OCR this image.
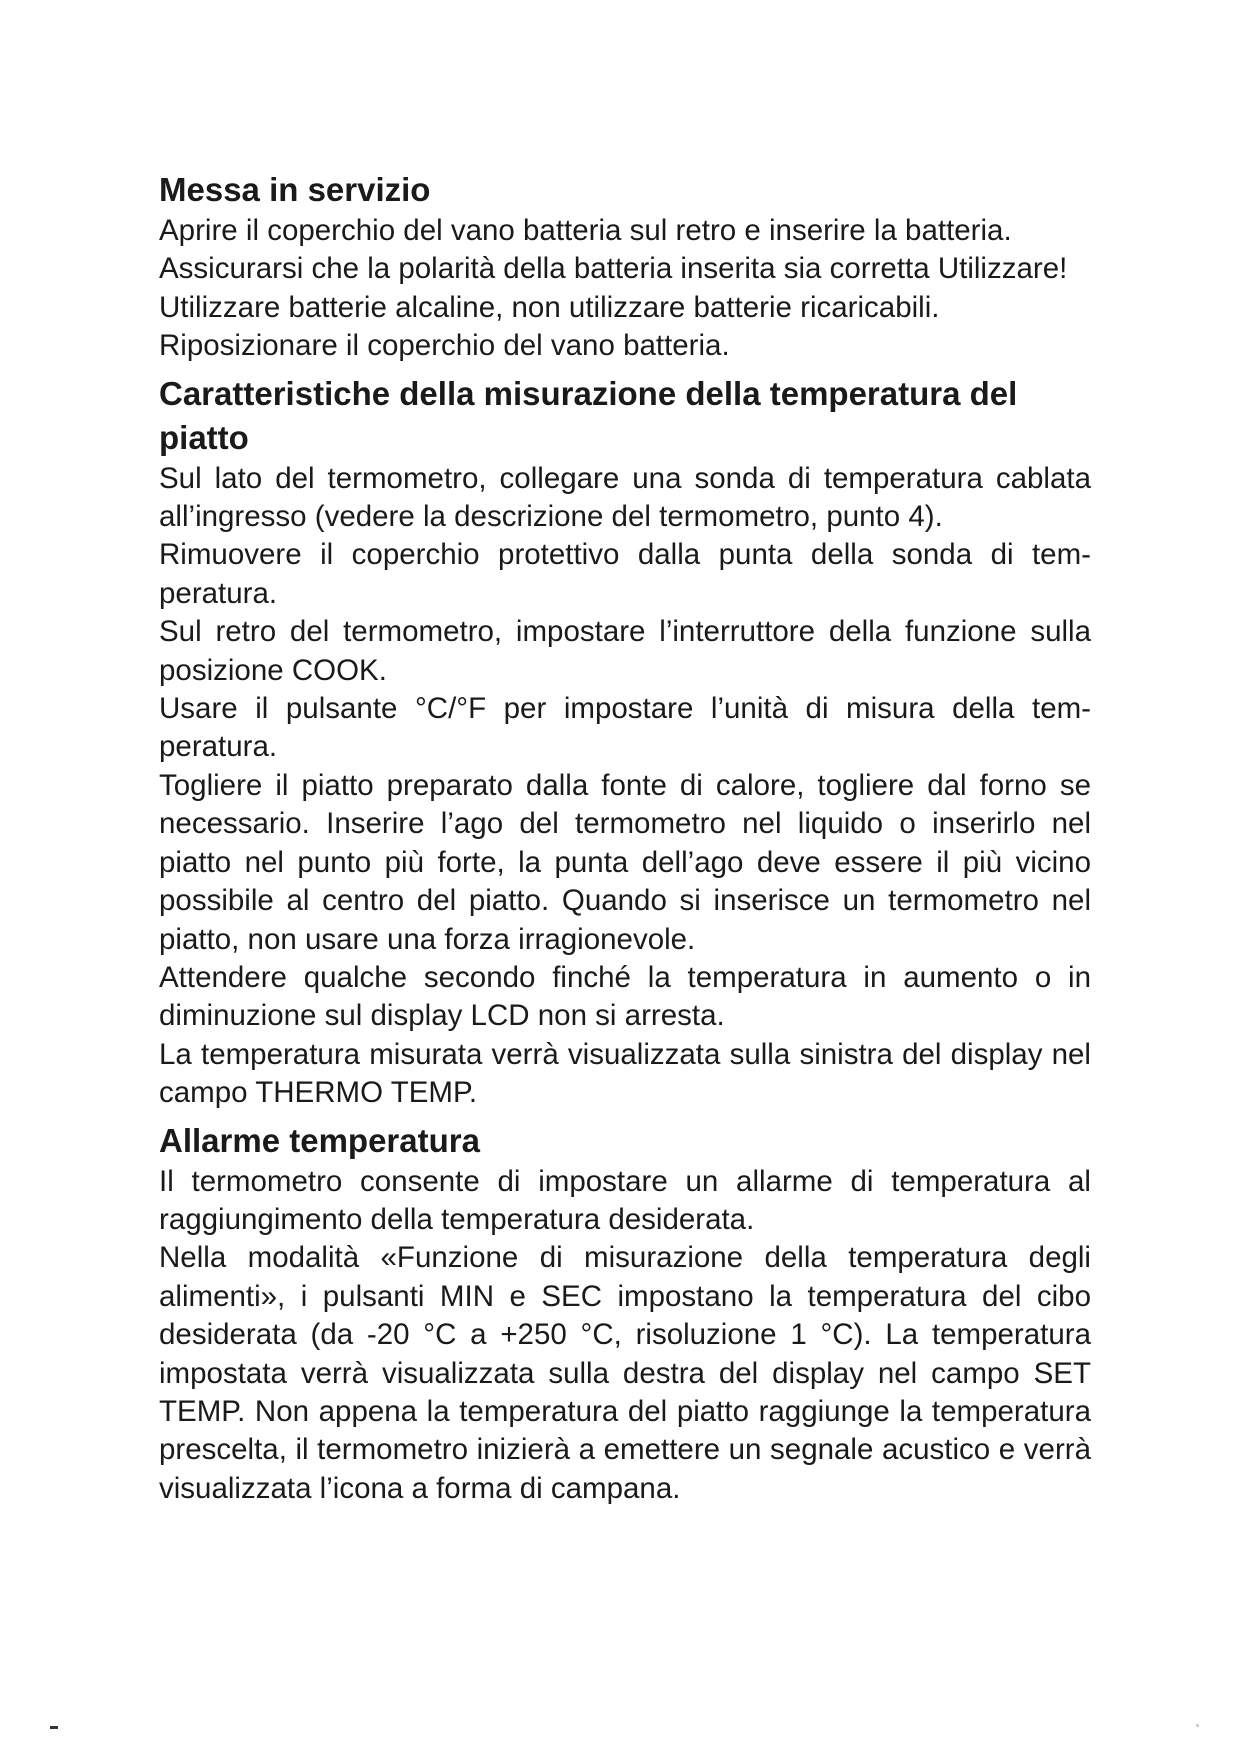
Messa in servizio

Aprire il coperchio del vano batteria sul retro e inserire la batteria.

Assicurarsi che la polarità della batteria inserita sia corretta Utilizzare!

Utilizzare batterie alcaline, non utilizzare batterie ricaricabili.

Riposizionare il coperchio del vano batteria.

Caratteristiche della misurazione della temperatura del piatto

Sul lato del termometro, collegare una sonda di temperatura cablata all’ingresso (vedere la descrizione del termometro, punto 4).

Rimuovere il coperchio protettivo dalla punta della sonda di tem- peratura.

Sul retro del termometro, impostare l’interruttore della funzione sulla posizione COOK.

Usare il pulsante °C/°F per impostare l’unità di misura della tem- peratura.

Togliere il piatto preparato dalla fonte di calore, togliere dal forno se necessario. Inserire l’ago del termometro nel liquido o inserirlo nel piatto nel punto più forte, la punta dell’ago deve essere il più vicino possibile al centro del piatto. Quando si inserisce un termometro nel piatto, non usare una forza irragionevole.

Attendere qualche secondo finché la temperatura in aumento o in diminuzione sul display LCD non si arresta.

La temperatura misurata verrà visualizzata sulla sinistra del display nel campo THERMO TEMP.

Allarme temperatura

Il termometro consente di impostare un allarme di temperatura al raggiungimento della temperatura desiderata.

Nella modalità «Funzione di misurazione della temperatura degli alimenti», i pulsanti MIN e SEC impostano la temperatura del cibo desiderata (da -20 °C a +250 °C, risoluzione 1 °C). La temperatura impostata verrà visualizzata sulla destra del display nel campo SET TEMP. Non appena la temperatura del piatto raggiunge la temperatura prescelta, il termometro inizierà a emettere un segnale acustico e verrà visualizzata l’icona a forma di campana.
